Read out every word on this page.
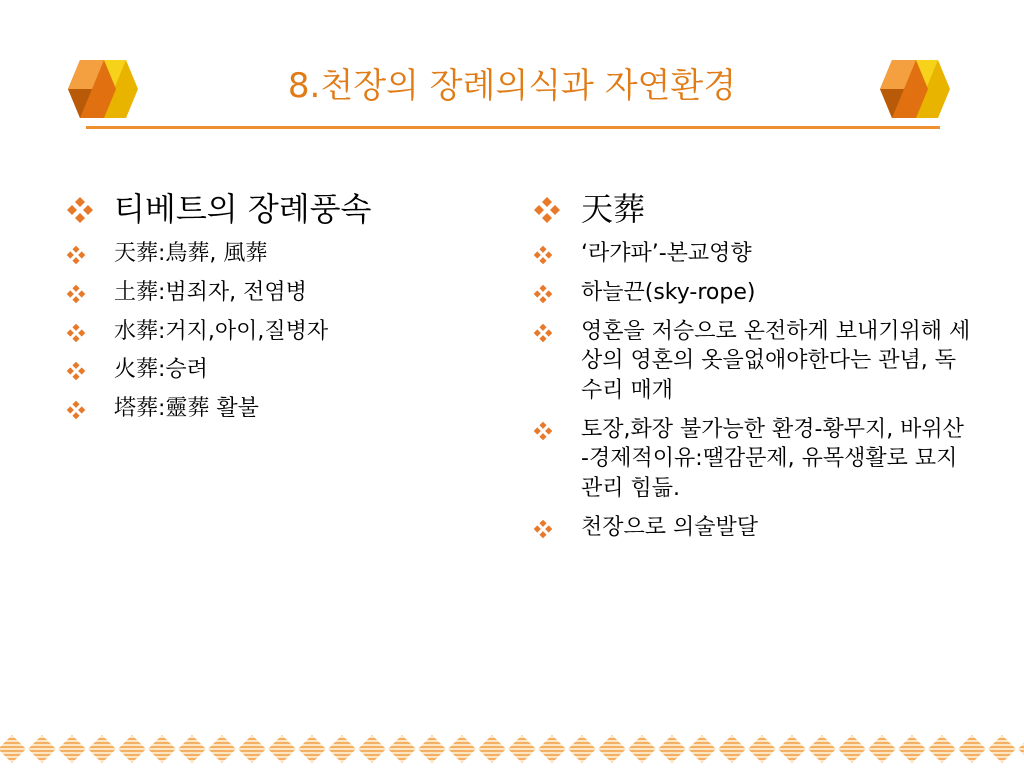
8.천장의 장례의식과 자연환경
티베트의 장례풍속
天葬:鳥葬, 風葬
土葬:범죄자, 전염병
水葬:거지,아이,질병자
火葬:승려
塔葬:靈葬 활불
天葬
‘라갸파’-본교영향
하늘끈(sky-rope)
영혼을 저승으로 온전하게 보내기위해 세상의 영혼의 옷을없애야한다는 관념, 독수리 매개
토장,화장 불가능한 환경-황무지, 바위산 -경제적이유:땔감문제, 유목생활로 묘지관리 힘듦.
천장으로 의술발달
